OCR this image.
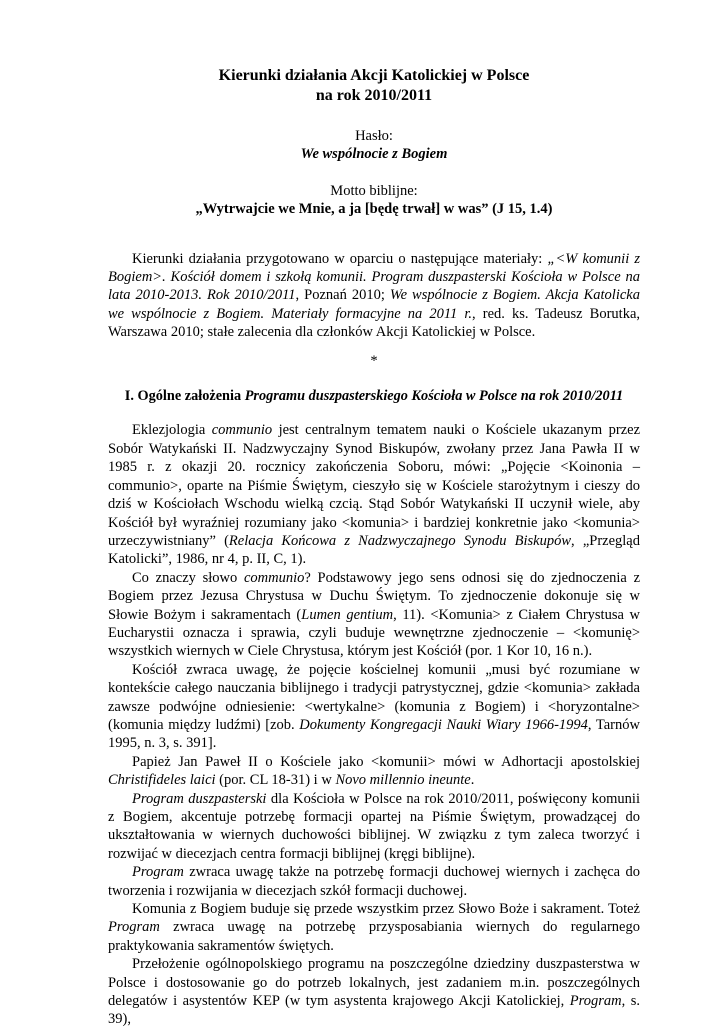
Kierunki działania Akcji Katolickiej w Polsce
na rok 2010/2011
Hasło:
We wspólnocie z Bogiem
Motto biblijne:
„Wytrwajcie we Mnie, a ja [będę trwał] w was” (J 15, 1.4)

Kierunki działania przygotowano w oparciu o następujące materiały: „<W komunii z Bogiem>. Kościół domem i szkołą komunii. Program duszpasterski Kościoła w Polsce na lata 2010-2013. Rok 2010/2011, Poznań 2010; We wspólnocie z Bogiem. Akcja Katolicka we wspólnocie z Bogiem. Materiały formacyjne na 2011 r., red. ks. Tadeusz Borutka, Warszawa 2010; stałe zalecenia dla członków Akcji Katolickiej w Polsce.

*
I. Ogólne założenia Programu duszpasterskiego Kościoła w Polsce na rok 2010/2011

Eklezjologia communio jest centralnym tematem nauki o Kościele ukazanym przez Sobór Watykański II. Nadzwyczajny Synod Biskupów, zwołany przez Jana Pawła II w 1985 r. z okazji 20. rocznicy zakończenia Soboru, mówi: „Pojęcie <Koinonia – communio>, oparte na Piśmie Świętym, cieszyło się w Kościele starożytnym i cieszy do dziś w Kościołach Wschodu wielką czcią. Stąd Sobór Watykański II uczynił wiele, aby Kościół był wyraźniej rozumiany jako <komunia> i bardziej konkretnie jako <komunia> urzeczywistniany” (Relacja Końcowa z Nadzwyczajnego Synodu Biskupów, „Przegląd Katolicki”, 1986, nr 4, p. II, C, 1).

Co znaczy słowo communio? Podstawowy jego sens odnosi się do zjednoczenia z Bogiem przez Jezusa Chrystusa w Duchu Świętym. To zjednoczenie dokonuje się w Słowie Bożym i sakramentach (Lumen gentium, 11). <Komunia> z Ciałem Chrystusa w Eucharystii oznacza i sprawia, czyli buduje wewnętrzne zjednoczenie – <komunię> wszystkich wiernych w Ciele Chrystusa, którym jest Kościół (por. 1 Kor 10, 16 n.).

Kościół zwraca uwagę, że pojęcie kościelnej komunii „musi być rozumiane w kontekście całego nauczania biblijnego i tradycji patrystycznej, gdzie <komunia> zakłada zawsze podwójne odniesienie: <wertykalne> (komunia z Bogiem) i <horyzontalne> (komunia między ludźmi) [zob. Dokumenty Kongregacji Nauki Wiary 1966-1994, Tarnów 1995, n. 3, s. 391].

Papież Jan Paweł II o Kościele jako <komunii> mówi w Adhortacji apostolskiej Christifideles laici (por. CL 18-31) i w Novo millennio ineunte.

Program duszpasterski dla Kościoła w Polsce na rok 2010/2011, poświęcony komunii z Bogiem, akcentuje potrzebę formacji opartej na Piśmie Świętym, prowadzącej do ukształtowania w wiernych duchowości biblijnej. W związku z tym zaleca tworzyć i rozwijać w diecezjach centra formacji biblijnej (kręgi biblijne).

Program zwraca uwagę także na potrzebę formacji duchowej wiernych i zachęca do tworzenia i rozwijania w diecezjach szkół formacji duchowej.

Komunia z Bogiem buduje się przede wszystkim przez Słowo Boże i sakrament. Toteż Program zwraca uwagę na potrzebę przysposabiania wiernych do regularnego praktykowania sakramentów świętych.

Przełożenie ogólnopolskiego programu na poszczególne dziedziny duszpasterstwa w Polsce i dostosowanie go do potrzeb lokalnych, jest zadaniem m.in. poszczególnych delegatów i asystentów KEP (w tym asystenta krajowego Akcji Katolickiej, Program, s. 39),
